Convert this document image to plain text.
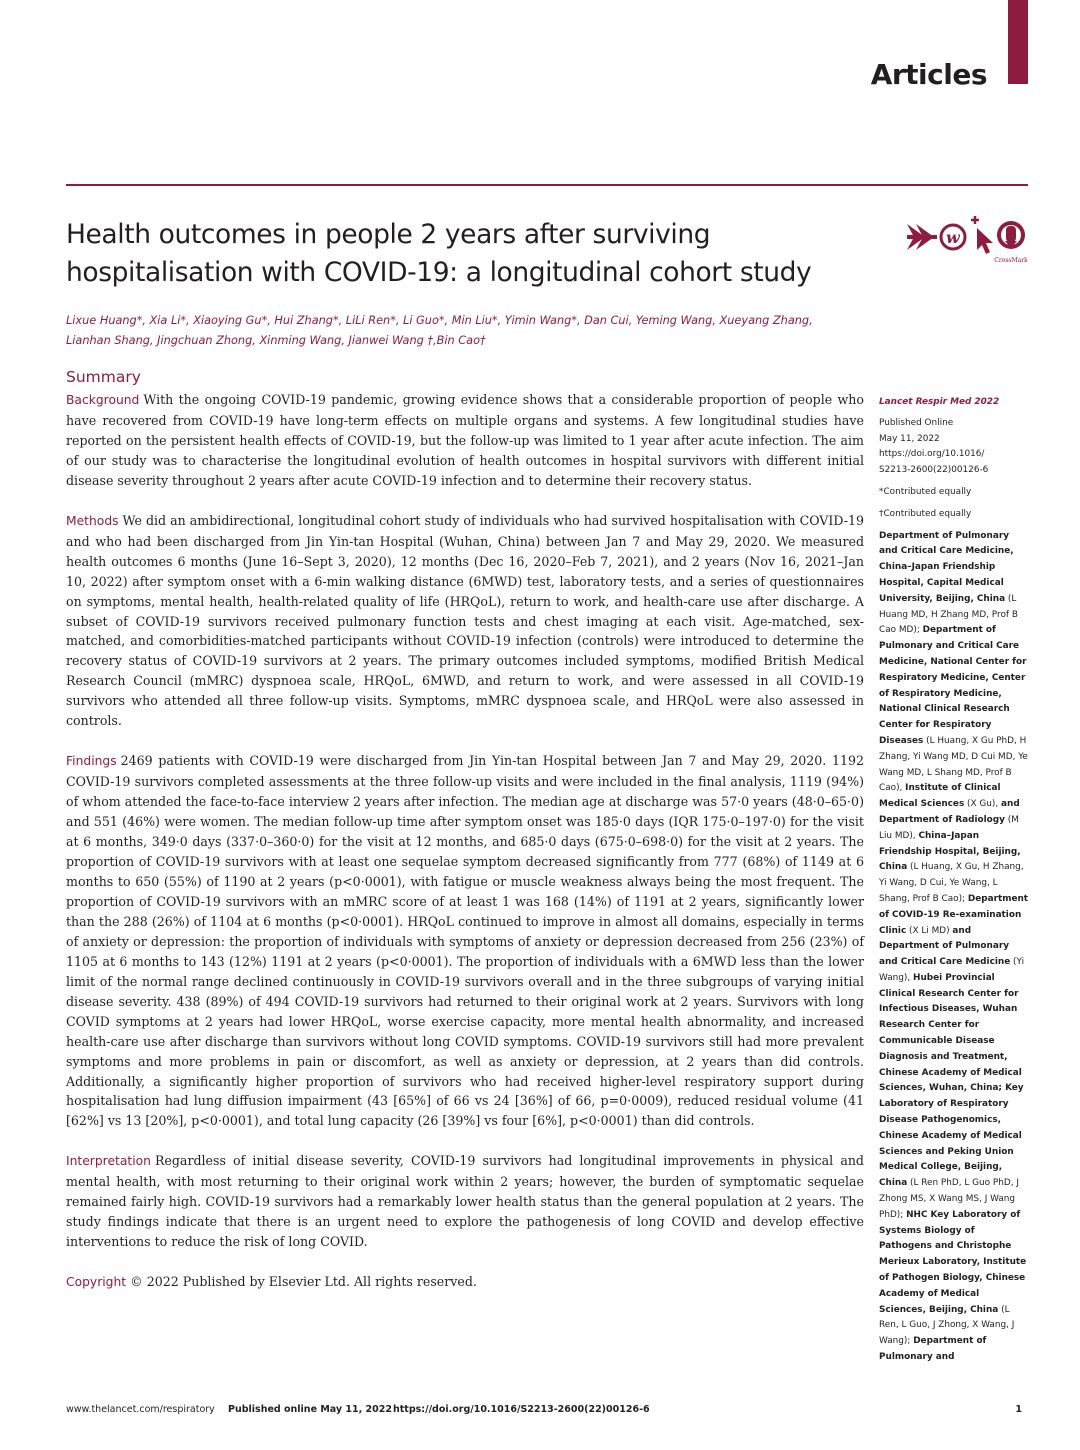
Articles
Health outcomes in people 2 years after surviving hospitalisation with COVID-19: a longitudinal cohort study
w
CrossMark
Lixue Huang*, Xia Li*, Xiaoying Gu*, Hui Zhang*, LiLi Ren*, Li Guo*, Min Liu*, Yimin Wang*, Dan Cui, Yeming Wang, Xueyang Zhang,
Lianhan Shang, Jingchuan Zhong, Xinming Wang, Jianwei Wang †,Bin Cao†
Summary

Background With the ongoing COVID-19 pandemic, growing evidence shows that a considerable proportion of people who have recovered from COVID-19 have long-term effects on multiple organs and systems. A few longitudinal studies have reported on the persistent health effects of COVID-19, but the follow-up was limited to 1 year after acute infection. The aim of our study was to characterise the longitudinal evolution of health outcomes in hospital survivors with different initial disease severity throughout 2 years after acute COVID-19 infection and to determine their recovery status.

Methods We did an ambidirectional, longitudinal cohort study of individuals who had survived hospitalisation with COVID-19 and who had been discharged from Jin Yin-tan Hospital (Wuhan, China) between Jan 7 and May 29, 2020. We measured health outcomes 6 months (June 16–Sept 3, 2020), 12 months (Dec 16, 2020–Feb 7, 2021), and 2 years (Nov 16, 2021–Jan 10, 2022) after symptom onset with a 6-min walking distance (6MWD) test, laboratory tests, and a series of questionnaires on symptoms, mental health, health-related quality of life (HRQoL), return to work, and health-care use after discharge. A subset of COVID-19 survivors received pulmonary function tests and chest imaging at each visit. Age-matched, sex-matched, and comorbidities-matched participants without COVID-19 infection (controls) were introduced to determine the recovery status of COVID-19 survivors at 2 years. The primary outcomes included symptoms, modified British Medical Research Council (mMRC) dyspnoea scale, HRQoL, 6MWD, and return to work, and were assessed in all COVID-19 survivors who attended all three follow-up visits. Symptoms, mMRC dyspnoea scale, and HRQoL were also assessed in controls.

Findings 2469 patients with COVID-19 were discharged from Jin Yin-tan Hospital between Jan 7 and May 29, 2020. 1192 COVID-19 survivors completed assessments at the three follow-up visits and were included in the final analysis, 1119 (94%) of whom attended the face-to-face interview 2 years after infection. The median age at discharge was 57·0 years (48·0–65·0) and 551 (46%) were women. The median follow-up time after symptom onset was 185·0 days (IQR 175·0–197·0) for the visit at 6 months, 349·0 days (337·0–360·0) for the visit at 12 months, and 685·0 days (675·0–698·0) for the visit at 2 years. The proportion of COVID-19 survivors with at least one sequelae symptom decreased significantly from 777 (68%) of 1149 at 6 months to 650 (55%) of 1190 at 2 years (p<0·0001), with fatigue or muscle weakness always being the most frequent. The proportion of COVID-19 survivors with an mMRC score of at least 1 was 168 (14%) of 1191 at 2 years, significantly lower than the 288 (26%) of 1104 at 6 months (p<0·0001). HRQoL continued to improve in almost all domains, especially in terms of anxiety or depression: the proportion of individuals with symptoms of anxiety or depression decreased from 256 (23%) of 1105 at 6 months to 143 (12%) 1191 at 2 years (p<0·0001). The proportion of individuals with a 6MWD less than the lower limit of the normal range declined continuously in COVID-19 survivors overall and in the three subgroups of varying initial disease severity. 438 (89%) of 494 COVID-19 survivors had returned to their original work at 2 years. Survivors with long COVID symptoms at 2 years had lower HRQoL, worse exercise capacity, more mental health abnormality, and increased health-care use after discharge than survivors without long COVID symptoms. COVID-19 survivors still had more prevalent symptoms and more problems in pain or discomfort, as well as anxiety or depression, at 2 years than did controls. Additionally, a significantly higher proportion of survivors who had received higher-level respiratory support during hospitalisation had lung diffusion impairment (43 [65%] of 66 vs 24 [36%] of 66, p=0·0009), reduced residual volume (41 [62%] vs 13 [20%], p<0·0001), and total lung capacity (26 [39%] vs four [6%], p<0·0001) than did controls.

Interpretation Regardless of initial disease severity, COVID-19 survivors had longitudinal improvements in physical and mental health, with most returning to their original work within 2 years; however, the burden of symptomatic sequelae remained fairly high. COVID-19 survivors had a remarkably lower health status than the general population at 2 years. The study findings indicate that there is an urgent need to explore the pathogenesis of long COVID and develop effective interventions to reduce the risk of long COVID.

Copyright © 2022 Published by Elsevier Ltd. All rights reserved.

Lancet Respir Med 2022
Published Online
May 11, 2022
https://doi.org/10.1016/
S2213-2600(22)00126-6
*Contributed equally
†Contributed equally
Department of Pulmonary and Critical Care Medicine, China–Japan Friendship Hospital, Capital Medical University, Beijing, China (L Huang MD, H Zhang MD, Prof B Cao MD); Department of Pulmonary and Critical Care Medicine, National Center for Respiratory Medicine, Center of Respiratory Medicine, National Clinical Research Center for Respiratory Diseases (L Huang, X Gu PhD, H Zhang, Yi Wang MD, D Cui MD, Ye Wang MD, L Shang MD, Prof B Cao), Institute of Clinical Medical Sciences (X Gu), and Department of Radiology (M Liu MD), China–Japan Friendship Hospital, Beijing, China (L Huang, X Gu, H Zhang, Yi Wang, D Cui, Ye Wang, L Shang, Prof B Cao); Department of COVID-19 Re-examination Clinic (X Li MD) and Department of Pulmonary and Critical Care Medicine (Yi Wang), Hubei Provincial Clinical Research Center for Infectious Diseases, Wuhan Research Center for Communicable Disease Diagnosis and Treatment, Chinese Academy of Medical Sciences, Wuhan, China; Key Laboratory of Respiratory Disease Pathogenomics, Chinese Academy of Medical Sciences and Peking Union Medical College, Beijing, China (L Ren PhD, L Guo PhD, J Zhong MS, X Wang MS, J Wang PhD); NHC Key Laboratory of Systems Biology of Pathogens and Christophe Merieux Laboratory, Institute of Pathogen Biology, Chinese Academy of Medical Sciences, Beijing, China (L Ren, L Guo, J Zhong, X Wang, J Wang); Department of Pulmonary and
www.thelancet.com/respiratory Published online May 11, 2022 https://doi.org/10.1016/S2213-2600(22)00126-6	1
